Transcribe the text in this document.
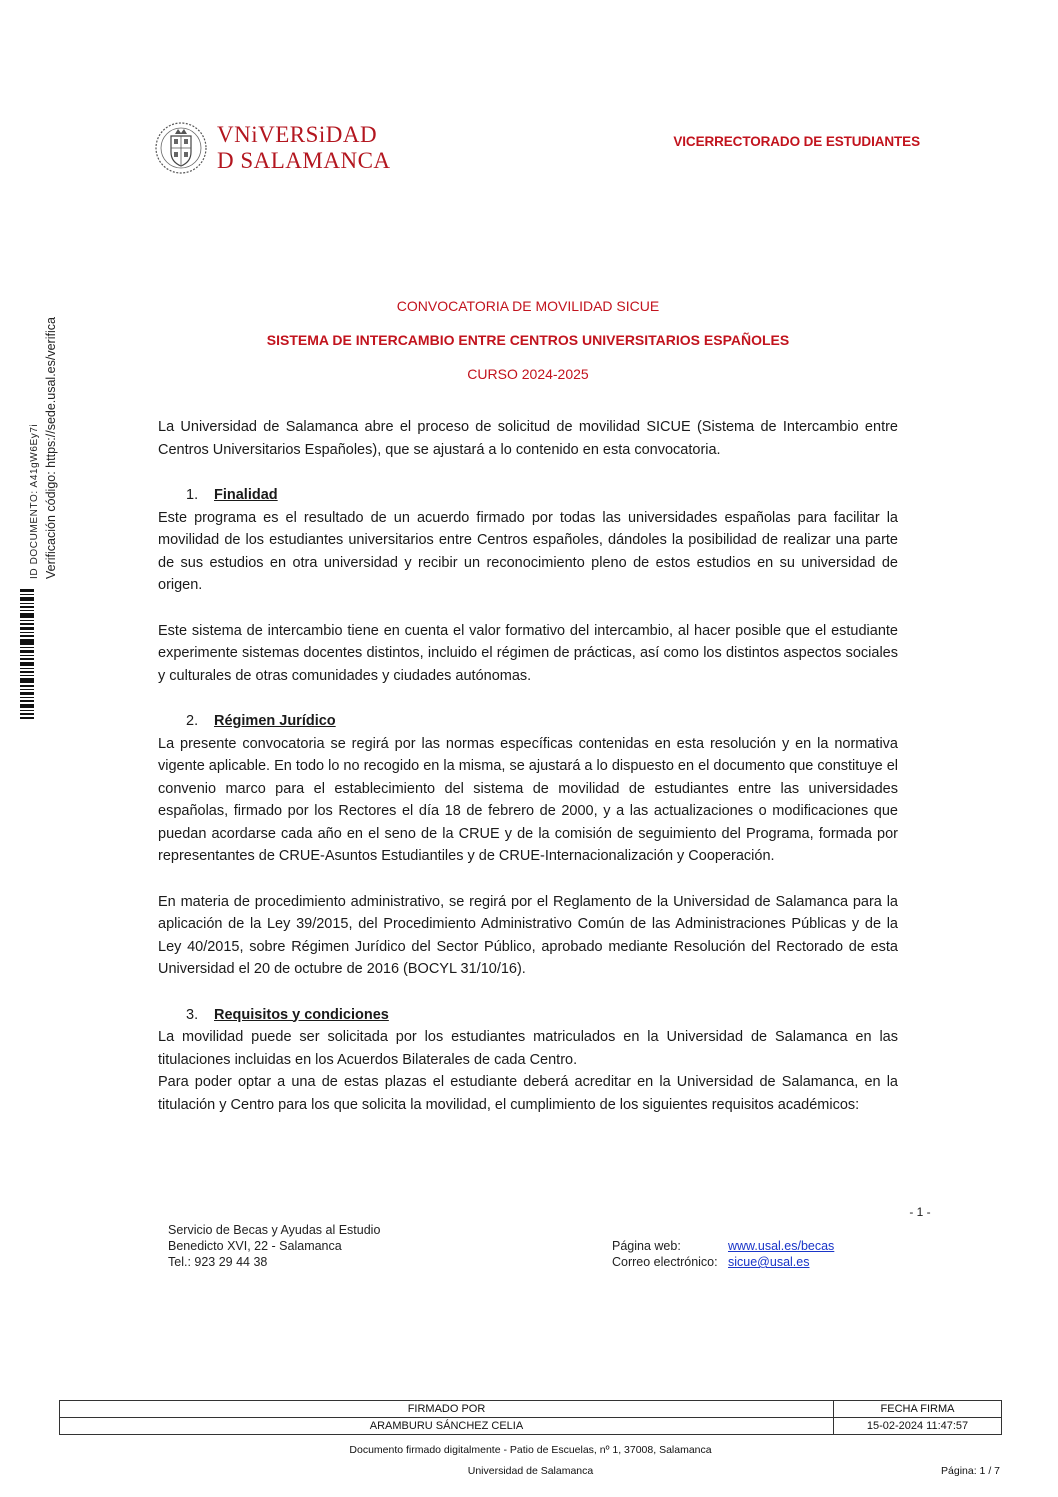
VNiVERSiDAD
D SALAMANCA
VICERRECTORADO DE ESTUDIANTES
ID DOCUMENTO: A41gW6Ey7i Verificación código: https://sede.usal.es/verifica
CONVOCATORIA DE MOVILIDAD SICUE
SISTEMA DE INTERCAMBIO ENTRE CENTROS UNIVERSITARIOS ESPAÑOLES
CURSO 2024-2025

La Universidad de Salamanca abre el proceso de solicitud de movilidad SICUE (Sistema de Intercambio entre Centros Universitarios Españoles), que se ajustará a lo contenido en esta convocatoria.

1. Finalidad

Este programa es el resultado de un acuerdo firmado por todas las universidades españolas para facilitar la movilidad de los estudiantes universitarios entre Centros españoles, dándoles la posibilidad de realizar una parte de sus estudios en otra universidad y recibir un reconocimiento pleno de estos estudios en su universidad de origen.

Este sistema de intercambio tiene en cuenta el valor formativo del intercambio, al hacer posible que el estudiante experimente sistemas docentes distintos, incluido el régimen de prácticas, así como los distintos aspectos sociales y culturales de otras comunidades y ciudades autónomas.

2. Régimen Jurídico

La presente convocatoria se regirá por las normas específicas contenidas en esta resolución y en la normativa vigente aplicable. En todo lo no recogido en la misma, se ajustará a lo dispuesto en el documento que constituye el convenio marco para el establecimiento del sistema de movilidad de estudiantes entre las universidades españolas, firmado por los Rectores el día 18 de febrero de 2000, y a las actualizaciones o modificaciones que puedan acordarse cada año en el seno de la CRUE y de la comisión de seguimiento del Programa, formada por representantes de CRUE-Asuntos Estudiantiles y de CRUE-Internacionalización y Cooperación.

En materia de procedimiento administrativo, se regirá por el Reglamento de la Universidad de Salamanca para la aplicación de la Ley 39/2015, del Procedimiento Administrativo Común de las Administraciones Públicas y de la Ley 40/2015, sobre Régimen Jurídico del Sector Público, aprobado mediante Resolución del Rectorado de esta Universidad el 20 de octubre de 2016 (BOCYL 31/10/16).

3. Requisitos y condiciones

La movilidad puede ser solicitada por los estudiantes matriculados en la Universidad de Salamanca en las titulaciones incluidas en los Acuerdos Bilaterales de cada Centro.

Para poder optar a una de estas plazas el estudiante deberá acreditar en la Universidad de Salamanca, en la titulación y Centro para los que solicita la movilidad, el cumplimiento de los siguientes requisitos académicos:

- 1 -
Servicio de Becas y Ayudas al Estudio
Benedicto XVI, 22 - Salamanca
Tel.: 923 29 44 38
Página web:	www.usal.es/becas
Correo electrónico: sicue@usal.es
FIRMADO POR	FECHA FIRMA
ARAMBURU SÁNCHEZ CELIA	15-02-2024 11:47:57
Documento firmado digitalmente - Patio de Escuelas, nº 1, 37008, Salamanca
Universidad de Salamanca	Página: 1 / 7
